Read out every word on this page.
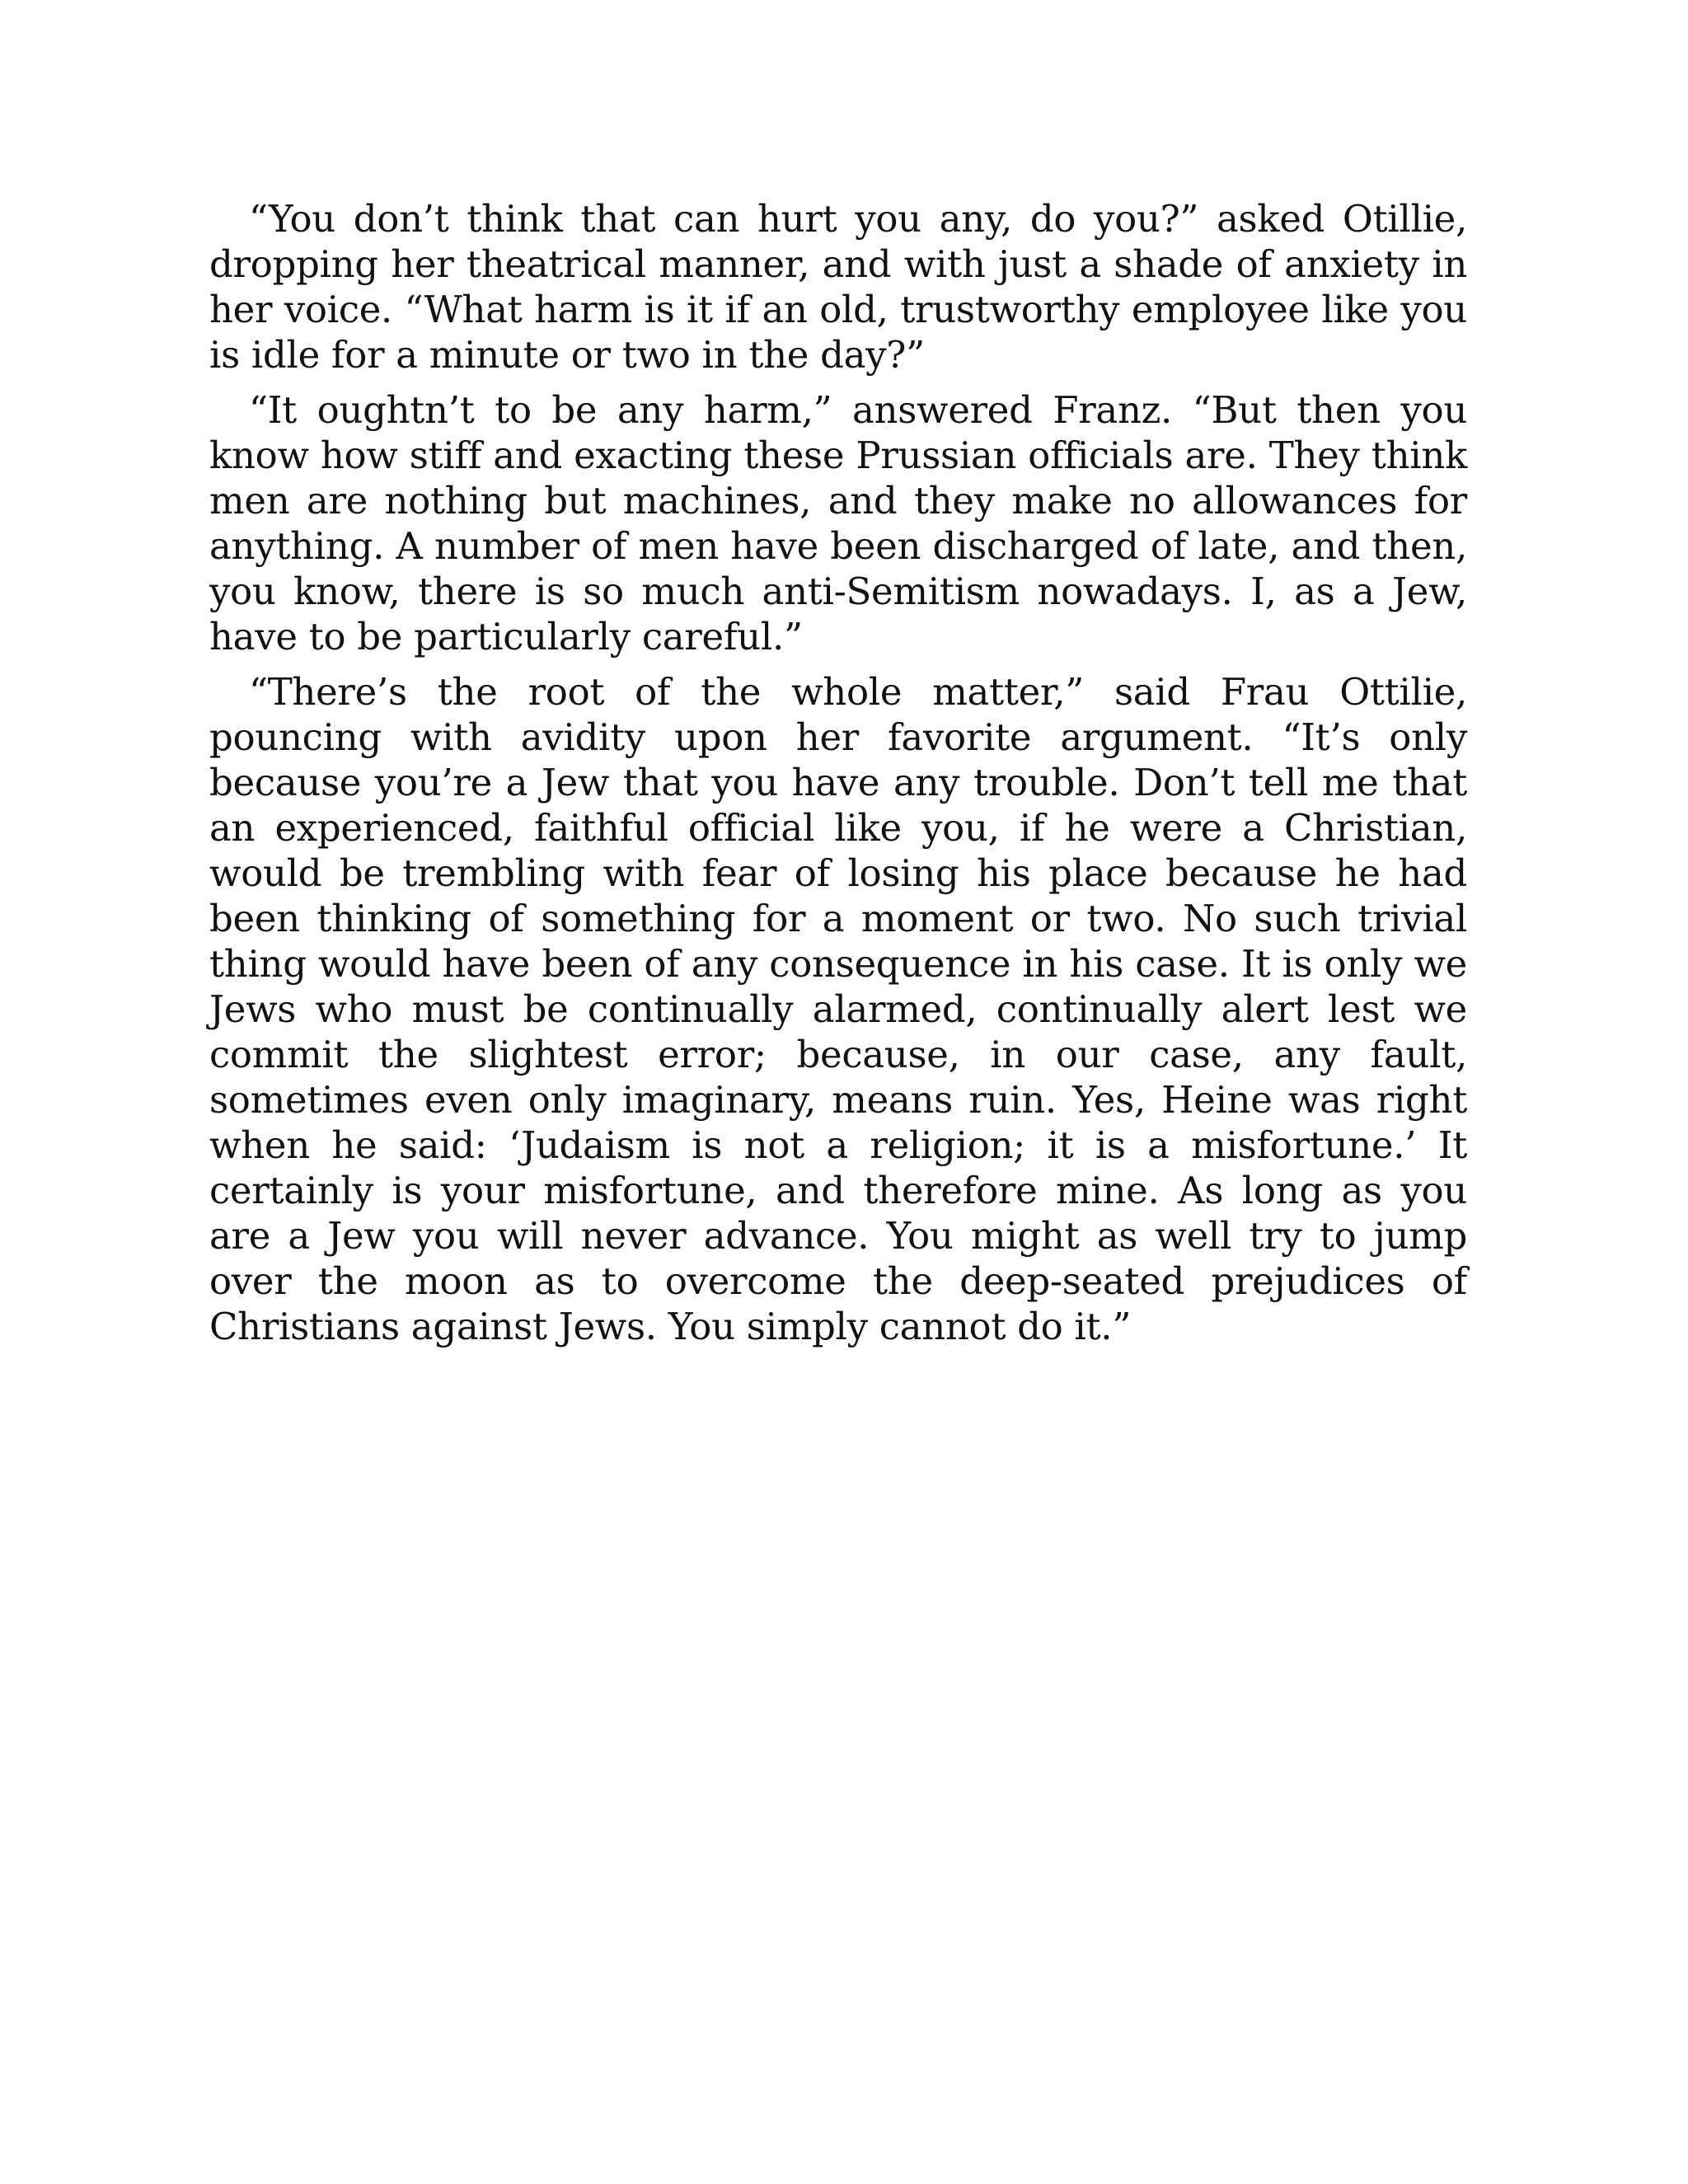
“You don’t think that can hurt you any, do you?” asked Otillie, dropping her theatrical manner, and with just a shade of anxiety in her voice. “What harm is it if an old, trustworthy employee like you is idle for a minute or two in the day?”

“It oughtn’t to be any harm,” answered Franz. “But then you know how stiff and exacting these Prussian officials are. They think men are nothing but machines, and they make no allowances for anything. A number of men have been discharged of late, and then, you know, there is so much anti-Semitism nowadays. I, as a Jew, have to be particularly careful.”

“There’s the root of the whole matter,” said Frau Ottilie, pouncing with avidity upon her favorite argument. “It’s only because you’re a Jew that you have any trouble. Don’t tell me that an experienced, faithful official like you, if he were a Christian, would be trembling with fear of losing his place because he had been thinking of something for a moment or two. No such trivial thing would have been of any consequence in his case. It is only we Jews who must be continually alarmed, continually alert lest we commit the slightest error; because, in our case, any fault, sometimes even only imaginary, means ruin. Yes, Heine was right when he said: ‘Judaism is not a religion; it is a misfortune.’ It certainly is your misfortune, and therefore mine. As long as you are a Jew you will never advance. You might as well try to jump over the moon as to overcome the deep-seated prejudices of Christians against Jews. You simply cannot do it.”
